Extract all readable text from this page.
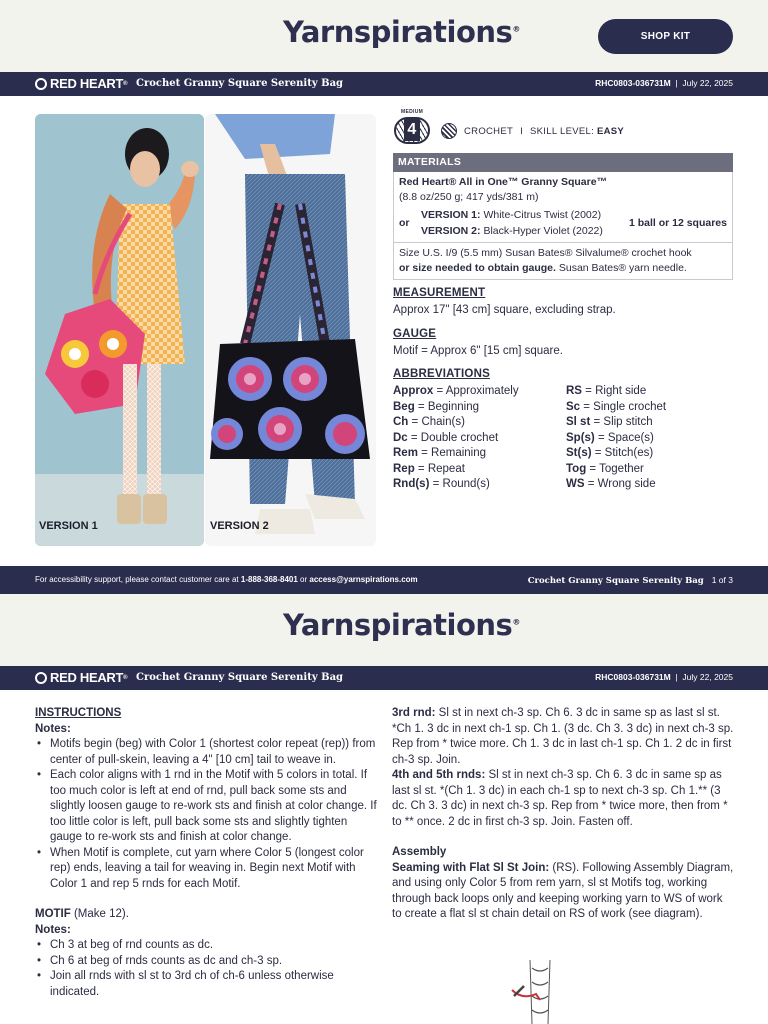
Yarnspirations®
SHOP KIT
RED HEART ® Crochet Granny Square Serenity Bag	RHC0803-036731M | July 22, 2025
VERSION 1	VERSION 2
MEDIUM
4	CROCHET I SKILL LEVEL:
EASY
MATERIALS
Red Heart® All in One™ Granny Square™
(8.8 oz/250 g; 417 yds/381 m)
or
VERSION 1: White-Citrus Twist (2002)
VERSION 2: Black-Hyper Violet (2022)
1 ball or 12 squares
Size U.S. I/9 (5.5 mm) Susan Bates® Silvalume® crochet hook
or size needed to obtain gauge. Susan Bates® yarn needle.
MEASUREMENT
Approx 17" [43 cm] square, excluding strap.
GAUGE
Motif = Approx 6" [15 cm] square.
ABBREVIATIONS
Approx = Approximately
Beg = Beginning
Ch = Chain(s)
Dc = Double crochet
Rem = Remaining
Rep = Repeat
Rnd(s) = Round(s)
RS = Right side
Sc = Single crochet
Sl st = Slip stitch
Sp(s) = Space(s)
St(s) = Stitch(es)
Tog = Together
WS = Wrong side
For accessibility support, please contact customer care at 1-888-368-8401 or access@yarnspirations.com	Crochet Granny Square Serenity Bag 1 of 3
Yarnspirations®
RED HEART ® Crochet Granny Square Serenity Bag	RHC0803-036731M | July 22, 2025
INSTRUCTIONS
Notes:
• Motifs begin (beg) with Color 1 (shortest color repeat (rep)) from center of pull-skein, leaving a 4" [10 cm] tail to weave in.
• Each color aligns with 1 rnd in the Motif with 5 colors in total. If too much color is left at end of rnd, pull back some sts and slightly loosen gauge to re-work sts and finish at color change. If too little color is left, pull back some sts and slightly tighten gauge to re-work sts and finish at color change.
• When Motif is complete, cut yarn where Color 5 (longest color rep) ends, leaving a tail for weaving in. Begin next Motif with Color 1 and rep 5 rnds for each Motif.
MOTIF (Make 12).
Notes:
• Ch 3 at beg of rnd counts as dc.
• Ch 6 at beg of rnds counts as dc and ch-3 sp.
• Join all rnds with sl st to 3rd ch of ch-6 unless otherwise indicated.
3rd rnd: Sl st in next ch-3 sp. Ch 6. 3 dc in same sp as last sl st. *Ch 1. 3 dc in next ch-1 sp. Ch 1. (3 dc. Ch 3. 3 dc) in next ch-3 sp. Rep from * twice more. Ch 1. 3 dc in last ch-1 sp. Ch 1. 2 dc in first ch-3 sp. Join.
4th and 5th rnds: Sl st in next ch-3 sp. Ch 6. 3 dc in same sp as last sl st. *(Ch 1. 3 dc) in each ch-1 sp to next ch-3 sp. Ch 1.** (3 dc. Ch 3. 3 dc) in next ch-3 sp. Rep from * twice more, then from * to ** once. 2 dc in first ch-3 sp. Join. Fasten off.
Assembly
Seaming with Flat Sl St Join: (RS). Following Assembly Diagram, and using only Color 5 from rem yarn, sl st Motifs tog, working through back loops only and keeping working yarn to WS of work to create a flat sl st chain detail on RS of work (see diagram).
